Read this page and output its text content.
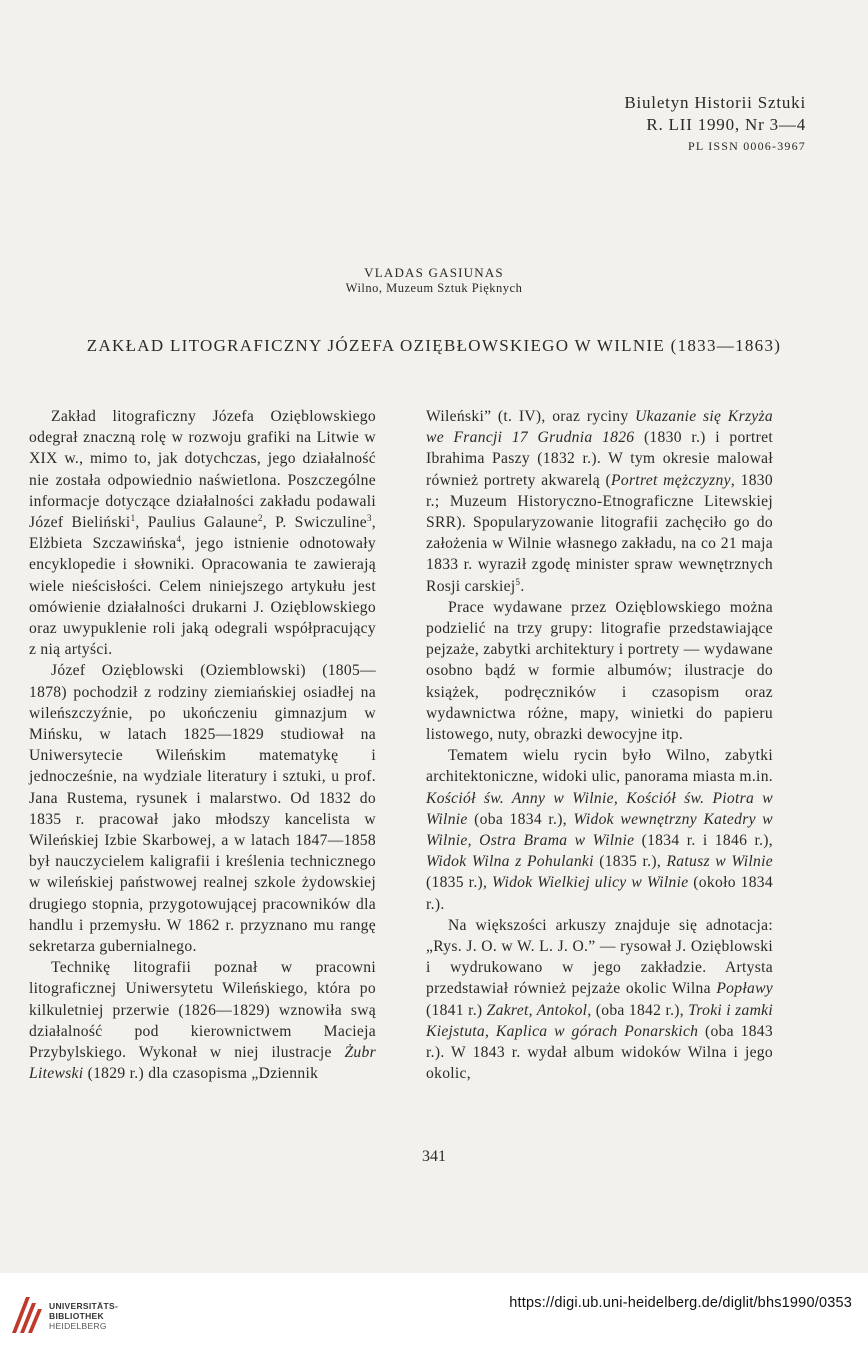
Biuletyn Historii Sztuki
R. LII 1990, Nr 3—4
PL ISSN 0006-3967
VLADAS GASIUNAS
Wilno, Muzeum Sztuk Pięknych
ZAKŁAD LITOGRAFICZNY JÓZEFA OZIĘBŁOWSKIEGO W WILNIE (1833—1863)

Zakład litograficzny Józefa Ozięblowskiego odegrał znaczną rolę w rozwoju grafiki na Litwie w XIX w., mimo to, jak dotychczas, jego działalność nie została odpowiednio naświetlona. Poszczególne informacje dotyczące działalności zakładu podawali Józef Bieliński$^1$, Paulius Galaune$^2$, P. Swiczuline$^3$, Elżbieta Szczawińska$^4$, jego istnienie odnotowały encyklopedie i słowniki. Opracowania te zawierają wiele nieścisłości. Celem niniejszego artykułu jest omówienie działalności drukarni J. Ozięblowskiego oraz uwypuklenie roli jaką odegrali współpracujący z nią artyści.

Józef Ozięblowski (Oziemblowski) (1805—1878) pochodził z rodziny ziemiańskiej osiadłej na wileńszczyźnie, po ukończeniu gimnazjum w Mińsku, w latach 1825—1829 studiował na Uniwersytecie Wileńskim matematykę i jednocześnie, na wydziale literatury i sztuki, u prof. Jana Rustema, rysunek i malarstwo. Od 1832 do 1835 r. pracował jako młodszy kancelista w Wileńskiej Izbie Skarbowej, a w latach 1847—1858 był nauczycielem kaligrafii i kreślenia technicznego w wileńskiej państwowej realnej szkole żydowskiej drugiego stopnia, przygotowującej pracowników dla handlu i przemysłu. W 1862 r. przyznano mu rangę sekretarza gubernialnego.

Technikę litografii poznał w pracowni litograficznej Uniwersytetu Wileńskiego, która po kilkuletniej przerwie (1826—1829) wznowiła swą działalność pod kierownictwem Macieja Przybylskiego. Wykonał w niej ilustracje Żubr Litewski (1829 r.) dla czasopisma „Dziennik

Wileński” (t. IV), oraz ryciny Ukazanie się Krzyża we Francji 17 Grudnia 1826 (1830 r.) i portret Ibrahima Paszy (1832 r.). W tym okresie malował również portrety akwarelą (Portret mężczyzny, 1830 r.; Muzeum Historyczno-Etnograficzne Litewskiej SRR). Spopularyzowanie litografii zachęciło go do założenia w Wilnie własnego zakładu, na co 21 maja 1833 r. wyraził zgodę minister spraw wewnętrznych Rosji carskiej$^5$.

Prace wydawane przez Ozięblowskiego można podzielić na trzy grupy: litografie przedstawiające pejzaże, zabytki architektury i portrety — wydawane osobno bądź w formie albumów; ilustracje do książek, podręczników i czasopism oraz wydawnictwa różne, mapy, winietki do papieru listowego, nuty, obrazki dewocyjne itp.

Tematem wielu rycin było Wilno, zabytki architektoniczne, widoki ulic, panorama miasta m.in. Kościół św. Anny w Wilnie, Kościół św. Piotra w Wilnie (oba 1834 r.), Widok wewnętrzny Katedry w Wilnie, Ostra Brama w Wilnie (1834 r. i 1846 r.), Widok Wilna z Pohulanki (1835 r.), Ratusz w Wilnie (1835 r.), Widok Wielkiej ulicy w Wilnie (około 1834 r.).

Na większości arkuszy znajduje się adnotacja: „Rys. J. O. w W. L. J. O.” — rysował J. Ozięblowski i wydrukowano w jego zakładzie. Artysta przedstawiał również pejzaże okolic Wilna Popławy (1841 r.) Zakret, Antokol, (oba 1842 r.), Troki i zamki Kiejstuta, Kaplica w górach Ponarskich (oba 1843 r.). W 1843 r. wydał album widoków Wilna i jego okolic,

341
UNIVERSITÄTS-
BIBLIOTHEK
HEIDELBERG
https://digi.ub.uni-heidelberg.de/diglit/bhs1990/0353
